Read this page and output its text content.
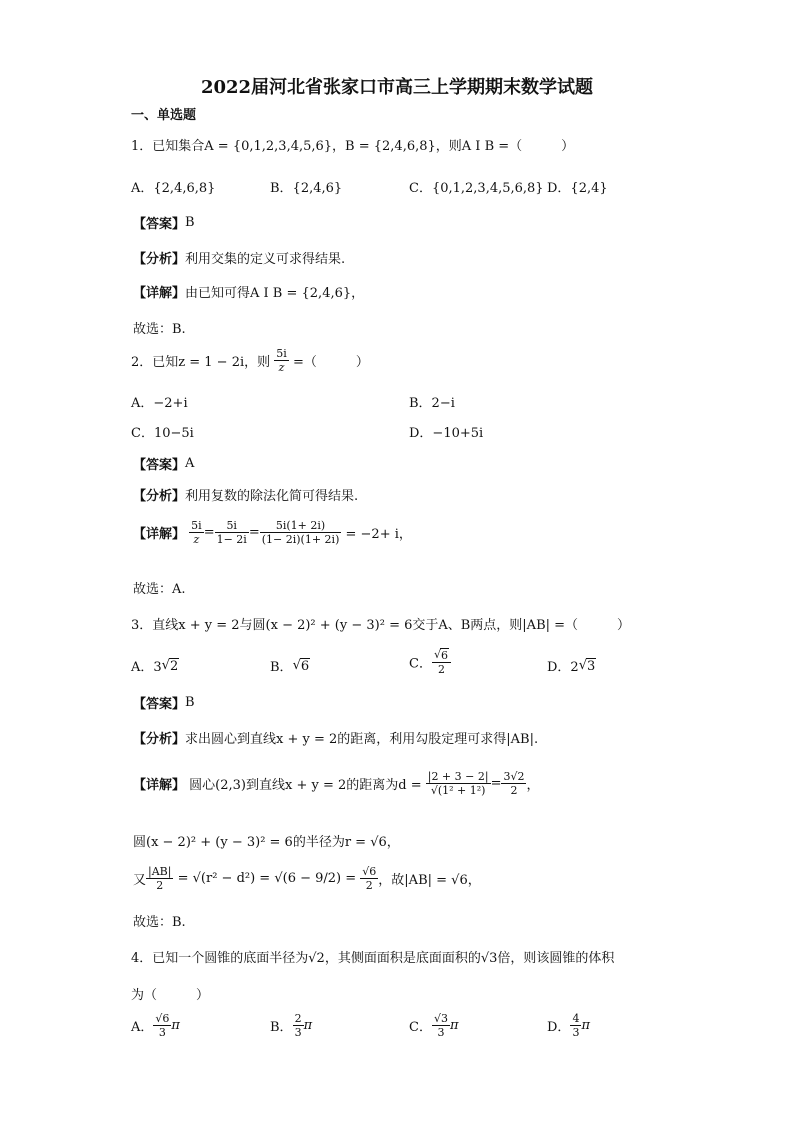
2022届河北省张家口市高三上学期期末数学试题
一、单选题
1．已知集合A = {0,1,2,3,4,5,6}，B = {2,4,6,8}，则A I B =（　　　）
A．{2,4,6,8}	B．{2,4,6}	C．{0,1,2,3,4,5,6,8} D．{2,4}
【答案】B
【分析】利用交集的定义可求得结果.
【详解】由已知可得A I B = {2,4,6}，
故选：B.
2．已知z = 1 − 2i，则 $\frac{5i}{z}$ =（　　　）
A．−2+i	B．2−i
C．10−5i	D．−10+5i
【答案】A
【分析】利用复数的除法化简可得结果.
【详解】 $\frac{5i}{z} = \frac{5i}{1- 2i} = \frac{5i(1+ 2i)}{(1- 2i)(1+ 2i)} = -2+ i$，
故选：A.
3．直线x + y = 2与圆(x − 2)² + (y − 3)² = 6交于A、B两点，则|AB| =（　　　）
A．3√2	B．√6	C． $\frac{√6}{2}$	D．2√3
【答案】B
【分析】求出圆心到直线x + y = 2的距离，利用勾股定理可求得|AB|.
【详解】 圆心(2,3)到直线x + y = 2的距离为$d = \frac{|2 + 3 - 2|}{\text{√(1² + 1²)}} = \frac{3√2}{2}$ ，
圆(x − 2)² + (y − 3)² = 6的半径为r = √6，
又 $\frac{|AB|}{2} = √(r^2 - d^2) = √(6 - 9/2) = \frac{√6}{2}$ ，故|AB| = √6，
故选：B.
4．已知一个圆锥的底面半径为√2，其侧面面积是底面面积的√3倍，则该圆锥的体积
为（　　　）
A． $\frac{√6}{3}$ π	B． $\frac{2}{3}$ π	C． $\frac{√3}{3}$ π	D． $\frac{4}{3}$ π
